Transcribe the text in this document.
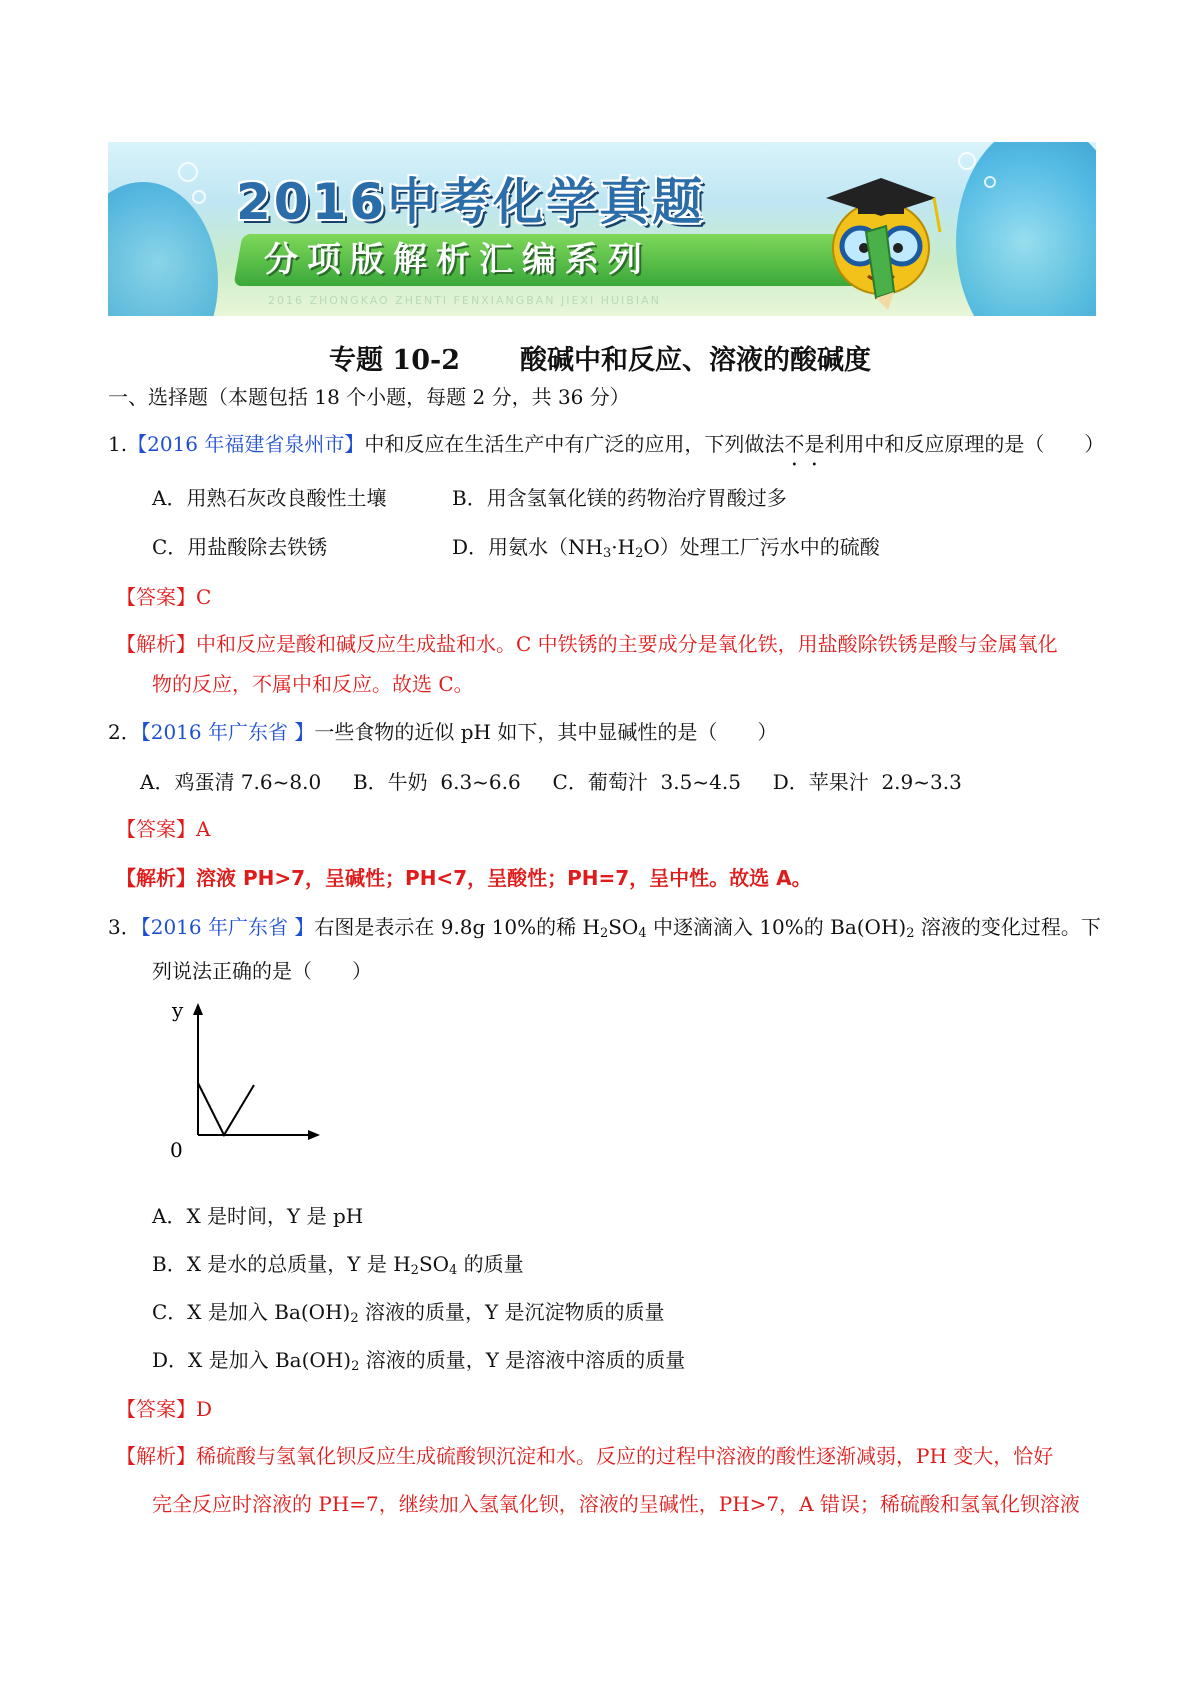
2016中考化学真题
分项版解析汇编系列
2016 ZHONGKAO ZHENTI FENXIANGBAN JIEXI HUIBIAN
专题 10-2 酸碱中和反应、溶液的酸碱度
一、选择题（本题包括 18 个小题，每题 2 分，共 36 分）
1.【2016 年福建省泉州市】中和反应在生活生产中有广泛的应用，下列做法不是利用中和反应原理的是（ ）
A．用熟石灰改良酸性土壤	B．用含氢氧化镁的药物治疗胃酸过多
C．用盐酸除去铁锈	D．用氨水$(NH_3\cdot H_2O)$处理工厂污水中的硫酸
【答案】C
【解析】中和反应是酸和碱反应生成盐和水。C 中铁锈的主要成分是氧化铁，用盐酸除铁锈是酸与金属氧化
物的反应，不属中和反应。故选 C。
2．【2016 年广东省 】一些食物的近似 pH 如下，其中显碱性的是（ ）
A．鸡蛋清 7.6~8.0     B．牛奶  6.3~6.6     C．葡萄汁  3.5~4.5     D．苹果汁  2.9~3.3
【答案】A
【解析】溶液 PH>7，呈碱性；PH<7，呈酸性；PH=7，呈中性。故选 A。
3．【2016 年广东省 】右图是表示在 9.8g 10%的稀 $H_2SO_4$ 中逐滴滴入 10%的 $Ba(OH)_2$ 溶液的变化过程。下
列说法正确的是（ ）
y
0
A．X 是时间，Y 是 pH
B．X 是水的总质量，Y 是 $H_2SO_4$ 的质量
C．X 是加入 $Ba(OH)_2$ 溶液的质量，Y 是沉淀物质的质量
D．X 是加入 $Ba(OH)_2$ 溶液的质量，Y 是溶液中溶质的质量
【答案】D
【解析】稀硫酸与氢氧化钡反应生成硫酸钡沉淀和水。反应的过程中溶液的酸性逐渐减弱，PH 变大，恰好
完全反应时溶液的 PH=7，继续加入氢氧化钡，溶液的呈碱性，PH>7，A 错误；稀硫酸和氢氧化钡溶液
